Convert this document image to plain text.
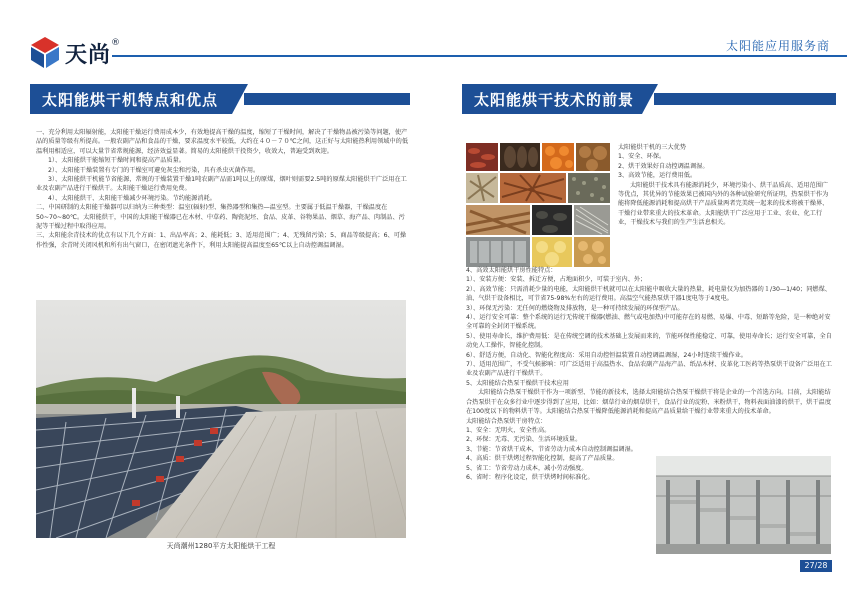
天尚®	太阳能应用服务商
太阳能烘干机特点和优点	太阳能烘干技术的前景

一、充分利用太阳辐射能，太阳能干燥运行费用成本少，有效地提高干燥的温度，缩短了干燥时间，解决了干燥物品被污染等问题，使产品的质量等级有所提高。一般农副产品和食品的干燥，要求温度水平较低，大约在４０－７０℃之间，这正好与太阳能热利用领域中的低温利用相适应，可以大量节省常规能源，经济效益显著。简易的太阳能烘干投资少，收效大，普遍受到欢迎。

1）、太阳能烘干能缩短干燥时间和提高产品质量。

2）、太阳能干燥装置有专门的干燥室可避免灰尘和污染，具有杀虫灭菌作用。

3）、太阳能烘干机能节省能源，常规的干燥装置干燥1吨农副产品需1吨以上的原煤，烟叶则需要2.5吨的原煤太阳能烘干广泛用在工业及农副产品进行干燥烘干。太阳能干燥运行费用免费。

4）、太阳能烘干、太阳能干燥减少环境污染。节约能源消耗。

二、中国研制的太阳能干燥器可以归纳为三种类型：温室(辐射)型、集热器型和集热—温室型。主要属于低温干燥器，干燥温度在50~70~80℃。太阳能烘干，中国的太阳能干燥器已在木材、中草药、陶瓷泥坯、食品、皮革、谷物果品、烟草、海产品、肉制品、污泥等干燥过程中取得应用。

三、太阳能余青技术的优点有以下几个方面：1、出品率高；2、能耗低；3、适用范围广；4、无残留污染；5、商品等级提高；6、可操作性强，余青时关闭风机和所有出气窗口，在密闭遮光条件下，利用太阳能提高温度至65℃以上自动控调温调湿。

天尚潮州1280平方太阳能烘干工程

太阳能烘干机的三大优势

1、安全、环保。

2、烘干效果好自动控调温调湿。

3、高效节能，运行费用低。

太阳能烘干技术具有能源消耗少，环境污染小、烘干品质高、适用范围广等优点，其优异的节能效果已被国内外的各种试验研究所证明，热泵烘干作为能将降低能源消耗和提高烘干产品质量两者完美统一起来的技术将被干燥界、干燥行业带来重大的技术革命。太阳能烘干广泛应用于工业、农业、化工行业，干燥技术与我们的生产生活息相关。

4、高效太阳能烘干房性能特点：

1）、安装方便：安装、拆迁方便，占地面积少，可装于室内、外；

2）、高效节能：只需消耗少量的电能，太阳能烘干机就可以在太阳能中吸收大量的热量，耗电量仅为加热器的１/30—1/40；同燃煤、油、气烘干设备相比，可节省75-98%左右的运行费用。高温空气能热泵烘干器1度电等于4度电。

3）、环保无污染：无任何的燃烧物及排放物，是一种可持续发展的环保型产品。

4）、运行安全可靠：整个系统的运行无传统干燥器(燃油、燃气或电加热)中可能存在的易燃、易爆、中毒、短路等危险，是一种绝对安全可靠的全封闭干燥系统。

5）、使用寿命长，维护费用低：是在传统空调的技术基础上发展而来的，节能环保性能稳定、可靠，使用寿命长；运行安全可靠，全自动免人工操作，智能化控制。

6）、舒适方便，自动化、智能化程度高：采用自动控恒温装置自动控调温调湿，24小时连续干燥作业。

7）、适用范围广，不受气候影响：可广泛适用于高温热水、食品农副产品海产品、纸品木材、皮革化工医药等热泵烘干设备广泛用在工业及农副产品进行干燥烘干。

5、太阳能结合热泵干燥烘干技术应用

太阳能结合热泵干燥烘干作为一项新型、节能的新技术，选择太阳能结合热泵干燥烘干将是企业的一个首选方向。目前，太阳能结合热泵烘干在众多行业中逐步得到了应用，比如：烟草行业的烟草烘干，食品行业的淀粉、米粉烘干，物料表面油漆的烘干，烘干温度在100度以下的物料烘干等。太阳能结合热泵干燥降低能源消耗和提高产品质量给干燥行业带来重大的技术革命。

太阳能结合热泵烘干房特点：

1、安全：无明火，安全性高。

2、环保：无毒、无污染、生活环境质量。

3、节能：节省烘干成本，节省劳动力成本自动控制调温调湿。

4、高质：烘干烘烤过程智能化控制，提高了产品质量。

5、省工：节省劳动力成本，减小劳动强度。

6、省时：程序化设定，烘干烘烤时间标准化。

27/28
